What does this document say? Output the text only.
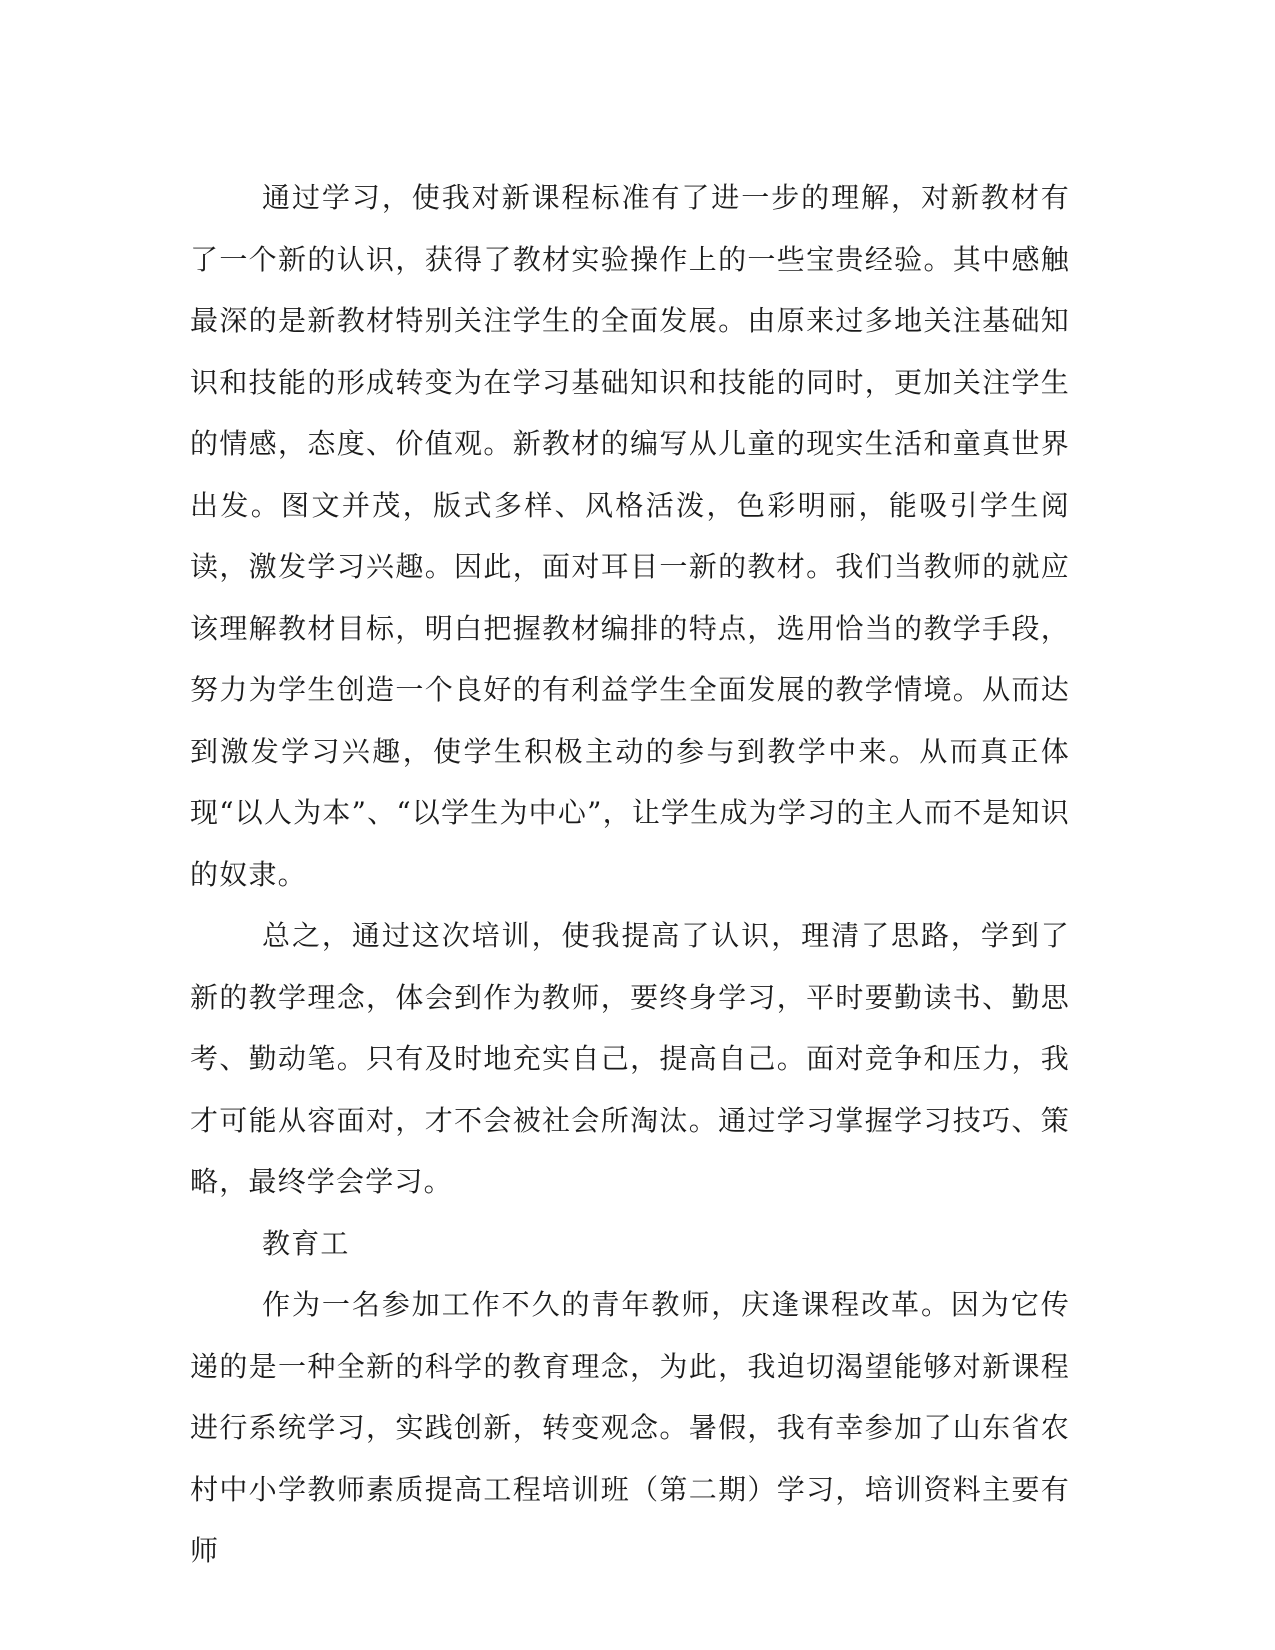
通过学习，使我对新课程标准有了进一步的理解，对新教材有了一个新的认识，获得了教材实验操作上的一些宝贵经验。其中感触最深的是新教材特别关注学生的全面发展。由原来过多地关注基础知识和技能的形成转变为在学习基础知识和技能的同时，更加关注学生的情感，态度、价值观。新教材的编写从儿童的现实生活和童真世界出发。图文并茂，版式多样、风格活泼，色彩明丽，能吸引学生阅读，激发学习兴趣。因此，面对耳目一新的教材。我们当教师的就应该理解教材目标，明白把握教材编排的特点，选用恰当的教学手段，努力为学生创造一个良好的有利益学生全面发展的教学情境。从而达到激发学习兴趣，使学生积极主动的参与到教学中来。从而真正体现“以人为本”、“以学生为中心”，让学生成为学习的主人而不是知识的奴隶。

总之，通过这次培训，使我提高了认识，理清了思路，学到了新的教学理念，体会到作为教师，要终身学习，平时要勤读书、勤思考、勤动笔。只有及时地充实自己，提高自己。面对竞争和压力，我才可能从容面对，才不会被社会所淘汰。通过学习掌握学习技巧、策略，最终学会学习。

教育工

作为一名参加工作不久的青年教师，庆逢课程改革。因为它传递的是一种全新的科学的教育理念，为此，我迫切渴望能够对新课程进行系统学习，实践创新，转变观念。暑假，我有幸参加了山东省农村中小学教师素质提高工程培训班（第二期）学习，培训资料主要有师
